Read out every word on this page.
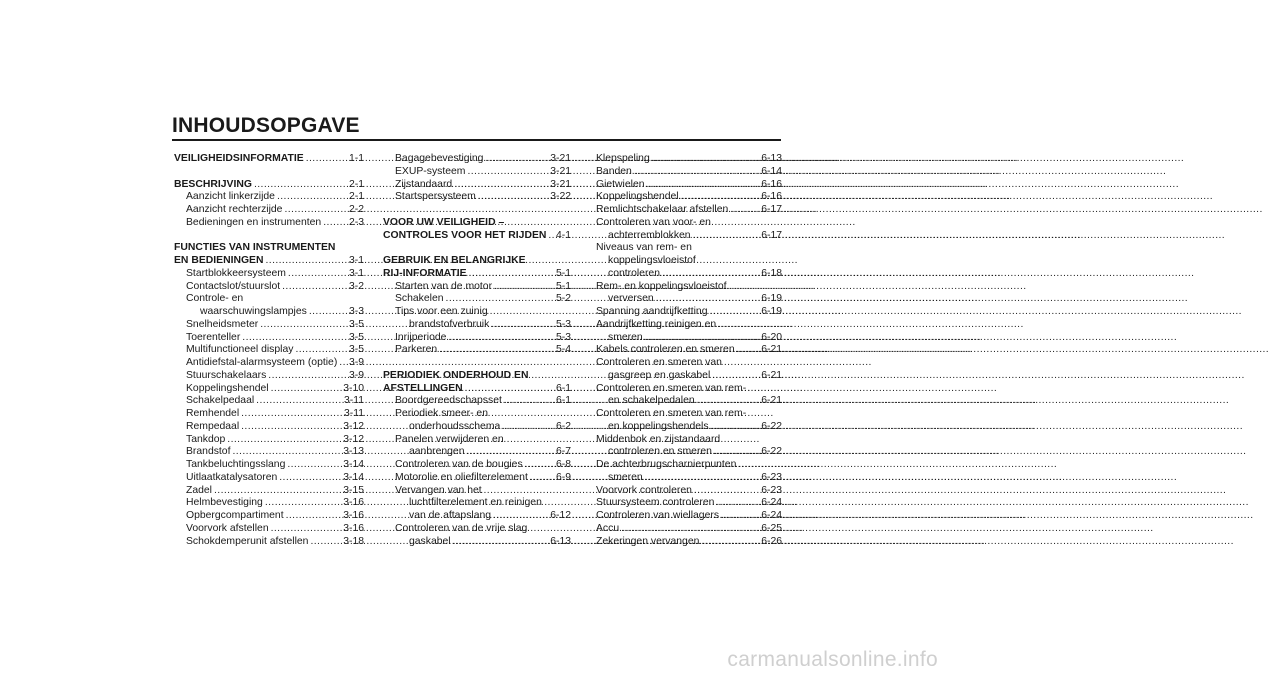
INHOUDSOPGAVE
VEILIGHEIDSINFORMATIE .....	1-1
BESCHRIJVING .....	2-1
Aanzicht linkerzijde .....	2-1
Aanzicht rechterzijde .....	2-2
Bedieningen en instrumenten .....	2-3
FUNCTIES VAN INSTRUMENTEN
EN BEDIENINGEN .....	3-1
Startblokkeersysteem .....	3-1
Contactslot/stuurslot .....	3-2
Controle- en
waarschuwingslampjes .....	3-3
Snelheidsmeter .....	3-5
Toerenteller .....	3-5
Multifunctioneel display .....	3-5
Antidiefstal-alarmsysteem (optie) ..... 3-9
Stuurschakelaars .....	3-9
Koppelingshendel .....	3-10
Schakelpedaal .....	3-11
Remhendel .....	3-11
Rempedaal .....	3-12
Tankdop .....	3-12
Brandstof .....	3-13
Tankbeluchtingsslang .....	3-14
Uitlaatkatalysatoren .....	3-14
Zadel .....	3-15
Helmbevestiging .....	3-16
Opbergcompartiment .....	3-16
Voorvork afstellen .....	3-16
Schokdemperunit afstellen .....	3-18
Bagagebevestiging .....	3-21
EXUP-systeem .....	3-21
Zijstandaard .....	3-21
Startspersysteem .....	3-22
VOOR UW VEILIGHEID –
CONTROLES VOOR HET RIJDEN ..... 4-1
GEBRUIK EN BELANGRIJKE
RIJ-INFORMATIE .....	5-1
Starten van de motor .....	5-1
Schakelen .....	5-2
Tips voor een zuinig
brandstofverbruik .....	5-3
Inrijperiode .....	5-3
Parkeren .....	5-4
PERIODIEK ONDERHOUD EN
AFSTELLINGEN .....	6-1
Boordgereedschapsset .....	6-1
Periodiek smeer- en
onderhoudsschema .....	6-2
Panelen verwijderen en
aanbrengen .....	6-7
Controleren van de bougies .....	6-8
Motorolie en oliefilterelement .....	6-9
Vervangen van het
luchtfilterelement en reinigen
van de aftapslang .....	6-12
Controleren van de vrije slag
gaskabel .....	6-13
Klepspeling .....	6-13
Banden .....	6-14
Gietwielen .....	6-16
Koppelingshendel .....	6-16
Remlichtschakelaar afstellen .....	6-17
Controleren van voor- en
achterremblokken .....	6-17
Niveaus van rem- en
koppelingsvloeistof
controleren .....	6-18
Rem- en koppelingsvloeistof
verversen .....	6-19
Spanning aandrijfketting .....	6-19
Aandrijfketting reinigen en
smeren .....	6-20
Kabels controleren en smeren .....	6-21
Controleren en smeren van
gasgreep en gaskabel .....	6-21
Controleren en smeren van rem-
en schakelpedalen .....	6-21
Controleren en smeren van rem-
en koppelingshendels .....	6-22
Middenbok en zijstandaard
controleren en smeren .....	6-22
De achterbrugscharnierpunten
smeren .....	6-23
Voorvork controleren .....	6-23
Stuursysteem controleren .....	6-24
Controleren van wiellagers .....	6-24
Accu .....	6-25
Zekeringen vervangen .....	6-26
carmanualsonline.info
